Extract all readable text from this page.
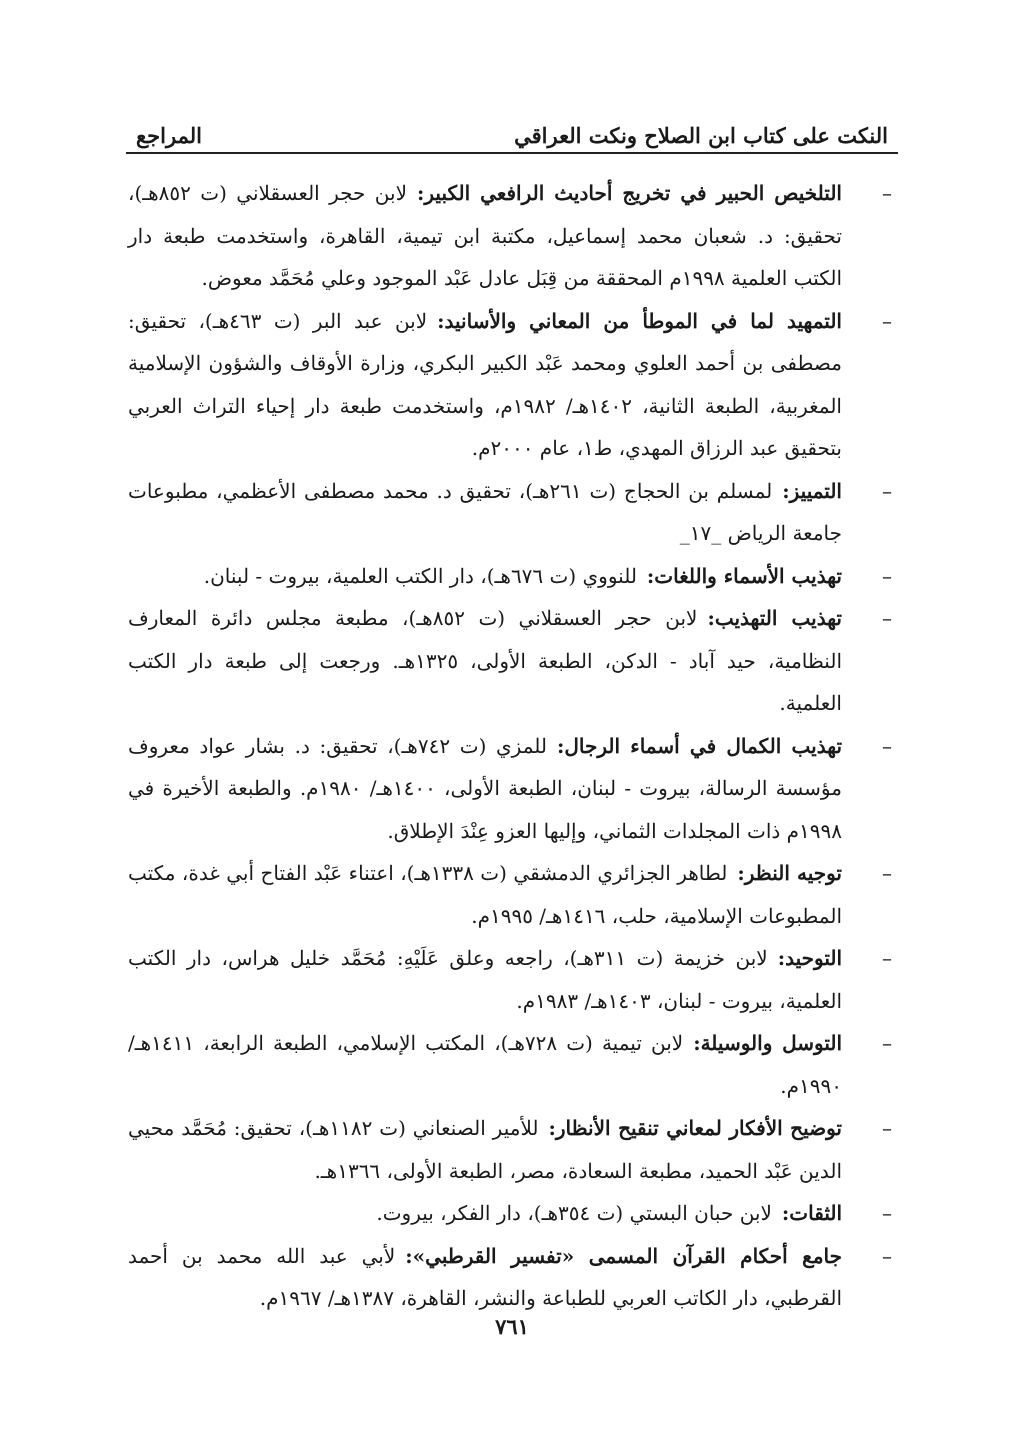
النكت على كتاب ابن الصلاح ونكت العراقي
المراجع
–
التلخيص الحبير في تخريج أحاديث الرافعي الكبير:لابن حجر العسقلاني (ت ٨٥٢هـ)، تحقيق: د. شعبان محمد إسماعيل، مكتبة ابن تيمية، القاهرة، واستخدمت طبعة دار الكتب العلمية ١٩٩٨م المحققة من قِبَل عادل عَبْد الموجود وعلي مُحَمَّد معوض.
–
التمهيد لما في الموطأ من المعاني والأسانيد:لابن عبد البر (ت ٤٦٣هـ)، تحقيق: مصطفى بن أحمد العلوي ومحمد عَبْد الكبير البكري، وزارة الأوقاف والشؤون الإسلامية المغربية، الطبعة الثانية، ١٤٠٢هـ/ ١٩٨٢م، واستخدمت طبعة دار إحياء التراث العربي بتحقيق عبد الرزاق المهدي، ط١، عام ٢٠٠٠م.
–
التمييز:لمسلم بن الحجاج (ت ٢٦١هـ)، تحقيق د. محمد مصطفى الأعظمي، مطبوعات جامعة الرياض _١٧_
–
تهذيب الأسماء واللغات:للنووي (ت ٦٧٦هـ)، دار الكتب العلمية، بيروت - لبنان.
–
تهذيب التهذيب:لابن حجر العسقلاني (ت ٨٥٢هـ)، مطبعة مجلس دائرة المعارف النظامية، حيد آباد - الدكن، الطبعة الأولى، ١٣٢٥هـ. ورجعت إلى طبعة دار الكتب العلمية.
–
تهذيب الكمال في أسماء الرجال:للمزي (ت ٧٤٢هـ)، تحقيق: د. بشار عواد معروف مؤسسة الرسالة، بيروت - لبنان، الطبعة الأولى، ١٤٠٠هـ/ ١٩٨٠م. والطبعة الأخيرة في ١٩٩٨م ذات المجلدات الثماني، وإليها العزو عِنْدَ الإطلاق.
–
توجيه النظر:لطاهر الجزائري الدمشقي (ت ١٣٣٨هـ)، اعتناء عَبْد الفتاح أبي غدة، مكتب المطبوعات الإسلامية، حلب، ١٤١٦هـ/ ١٩٩٥م.
–
التوحيد:لابن خزيمة (ت ٣١١هـ)، راجعه وعلق عَلَيْهِ: مُحَمَّد خليل هراس، دار الكتب العلمية، بيروت - لبنان، ١٤٠٣هـ/ ١٩٨٣م.
–
التوسل والوسيلة:لابن تيمية (ت ٧٢٨هـ)، المكتب الإسلامي، الطبعة الرابعة، ١٤١١هـ/ ١٩٩٠م.
–
توضيح الأفكار لمعاني تنقيح الأنظار:للأمير الصنعاني (ت ١١٨٢هـ)، تحقيق: مُحَمَّد محيي الدين عَبْد الحميد، مطبعة السعادة، مصر، الطبعة الأولى، ١٣٦٦هـ.
–
الثقات:لابن حبان البستي (ت ٣٥٤هـ)، دار الفكر، بيروت.
–
جامع أحكام القرآن المسمى «تفسير القرطبي»:لأبي عبد الله محمد بن أحمد القرطبي، دار الكاتب العربي للطباعة والنشر، القاهرة، ١٣٨٧هـ/ ١٩٦٧م.
٧٦١
